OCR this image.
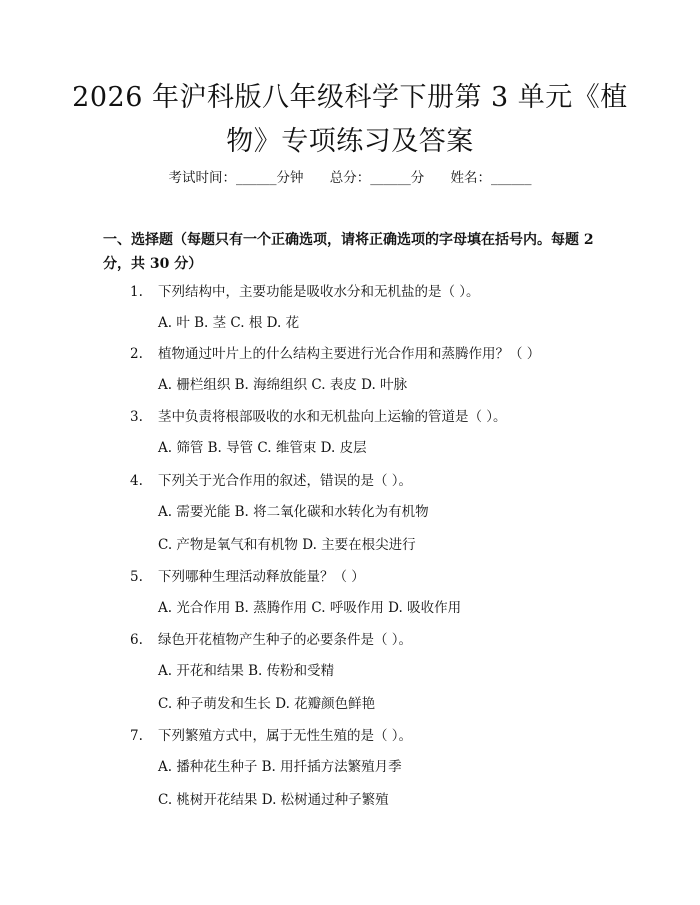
2026 年沪科版八年级科学下册第 3 单元《植
物》专项练习及答案
考试时间：______分钟 总分：______分 姓名：______
一、选择题（每题只有一个正确选项，请将正确选项的字母填在括号内。每题 2 分，共 30 分）
1. 下列结构中，主要功能是吸收水分和无机盐的是（ ）。
A. 叶 B. 茎 C. 根 D. 花
2. 植物通过叶片上的什么结构主要进行光合作用和蒸腾作用？（ ）
A. 栅栏组织 B. 海绵组织 C. 表皮 D. 叶脉
3. 茎中负责将根部吸收的水和无机盐向上运输的管道是（ ）。
A. 筛管 B. 导管 C. 维管束 D. 皮层
4. 下列关于光合作用的叙述，错误的是（ ）。
A. 需要光能 B. 将二氧化碳和水转化为有机物
C. 产物是氧气和有机物 D. 主要在根尖进行
5. 下列哪种生理活动释放能量？（ ）
A. 光合作用 B. 蒸腾作用 C. 呼吸作用 D. 吸收作用
6. 绿色开花植物产生种子的必要条件是（ ）。
A. 开花和结果 B. 传粉和受精
C. 种子萌发和生长 D. 花瓣颜色鲜艳
7. 下列繁殖方式中，属于无性生殖的是（ ）。
A. 播种花生种子 B. 用扦插方法繁殖月季
C. 桃树开花结果 D. 松树通过种子繁殖
